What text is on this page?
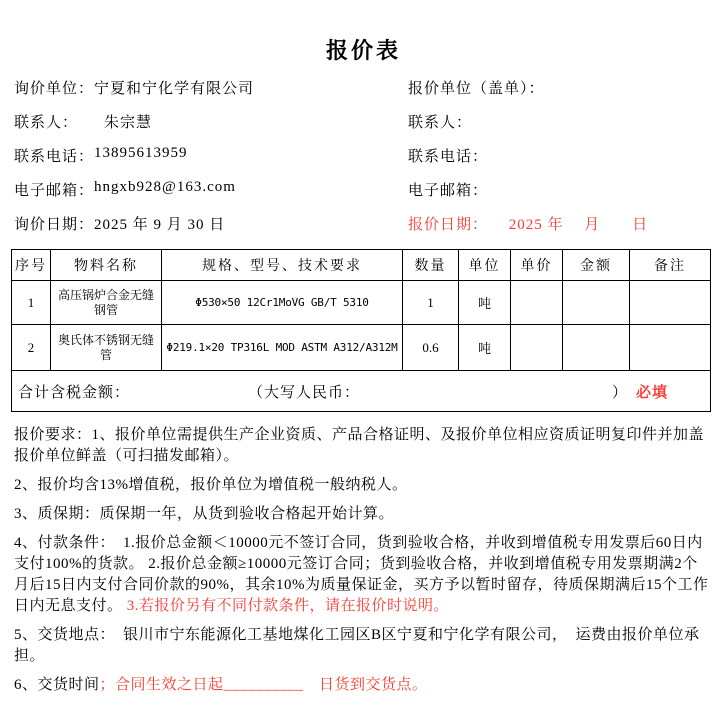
报价表
询价单位： 宁夏和宁化学有限公司
联系人： 朱宗慧
联系电话： 13895613959
电子邮箱： hngxb928@163.com
询价日期： 2025 年 9 月 30 日
报价单位（盖单）：
联系人：
联系电话：
电子邮箱：
报价日期： 　 2025 年　 月　　日
序号	物料名称	规格、型号、技术要求	数量	单位	单价	金额	备注
1	高压锅炉合金无缝钢管	Φ530×50 12Cr1MoVG GB/T 5310	1	吨			
2	奥氏体不锈钢无缝管	Φ219.1×20 TP316L MOD ASTM A312/A312M	0.6	吨			

合计含税金额： （大写人民币： ） 必填							

报价要求：1、报价单位需提供生产企业资质、产品合格证明、及报价单位相应资质证明复印件并加盖报价单位鲜盖（可扫描发邮箱）。

2、报价均含13%增值税，报价单位为增值税一般纳税人。

3、质保期：质保期一年，从货到验收合格起开始计算。

4、付款条件：　1.报价总金额＜10000元不签订合同，货到验收合格，并收到增值税专用发票后60日内支付100%的货款。 2.报价总金额≥10000元签订合同；货到验收合格，并收到增值税专用发票期满2个月后15日内支付合同价款的90%，其余10%为质量保证金，买方予以暂时留存，待质保期满后15个工作日内无息支付。 3.若报价另有不同付款条件，请在报价时说明。

5、交货地点：　银川市宁东能源化工基地煤化工园区B区宁夏和宁化学有限公司，　运费由报价单位承担。

6、交货时间；合同生效之日起__________　日货到交货点。
